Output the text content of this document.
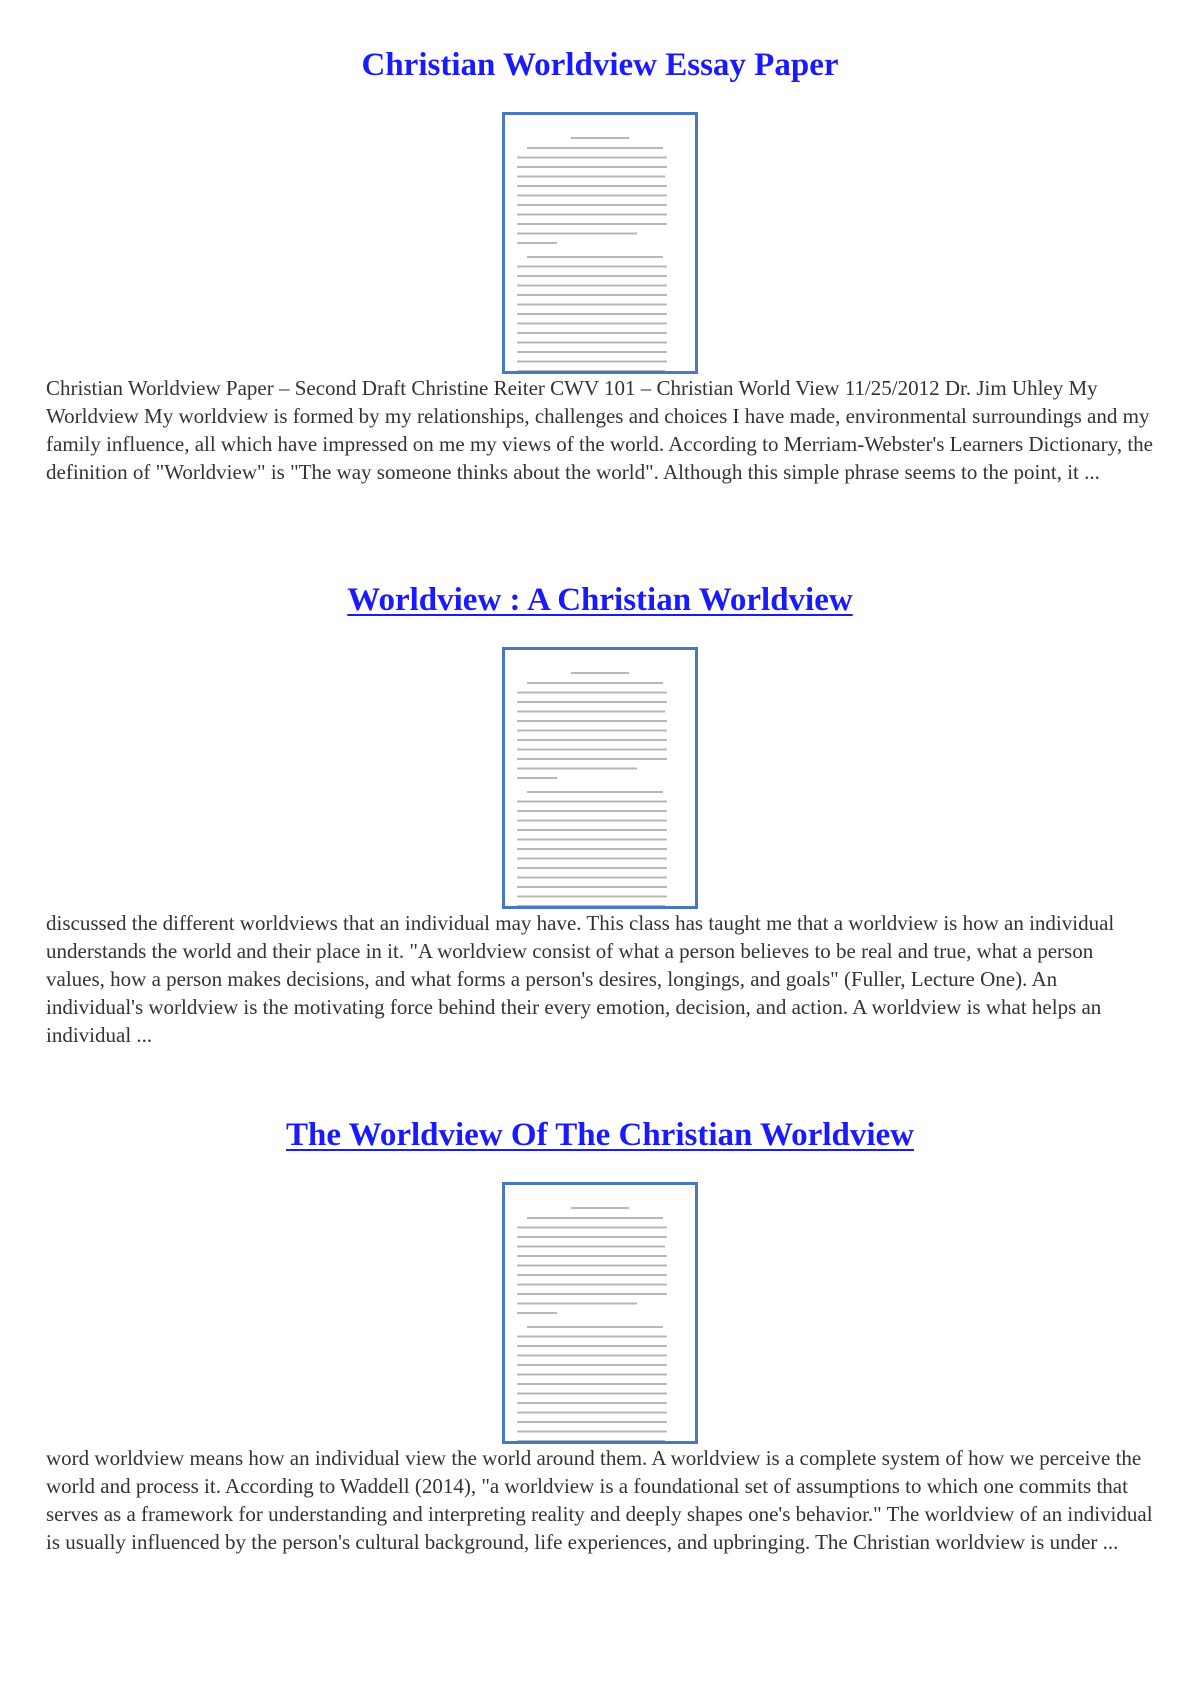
Christian Worldview Essay Paper

Christian Worldview Paper – Second Draft Christine Reiter CWV 101 – Christian World View 11/25/2012 Dr. Jim Uhley My Worldview My worldview is formed by my relationships, challenges and choices I have made, environmental surroundings and my family influence, all which have impressed on me my views of the world. According to Merriam-Webster's Learners Dictionary, the definition of "Worldview" is "The way someone thinks about the world". Although this simple phrase seems to the point, it ...

Worldview : A Christian Worldview

discussed the different worldviews that an individual may have. This class has taught me that a worldview is how an individual understands the world and their place in it. "A worldview consist of what a person believes to be real and true, what a person values, how a person makes decisions, and what forms a person's desires, longings, and goals" (Fuller, Lecture One). An individual's worldview is the motivating force behind their every emotion, decision, and action. A worldview is what helps an individual ...

The Worldview Of The Christian Worldview

word worldview means how an individual view the world around them. A worldview is a complete system of how we perceive the world and process it. According to Waddell (2014), "a worldview is a foundational set of assumptions to which one commits that serves as a framework for understanding and interpreting reality and deeply shapes one's behavior." The worldview of an individual is usually influenced by the person's cultural background, life experiences, and upbringing. The Christian worldview is under ...
